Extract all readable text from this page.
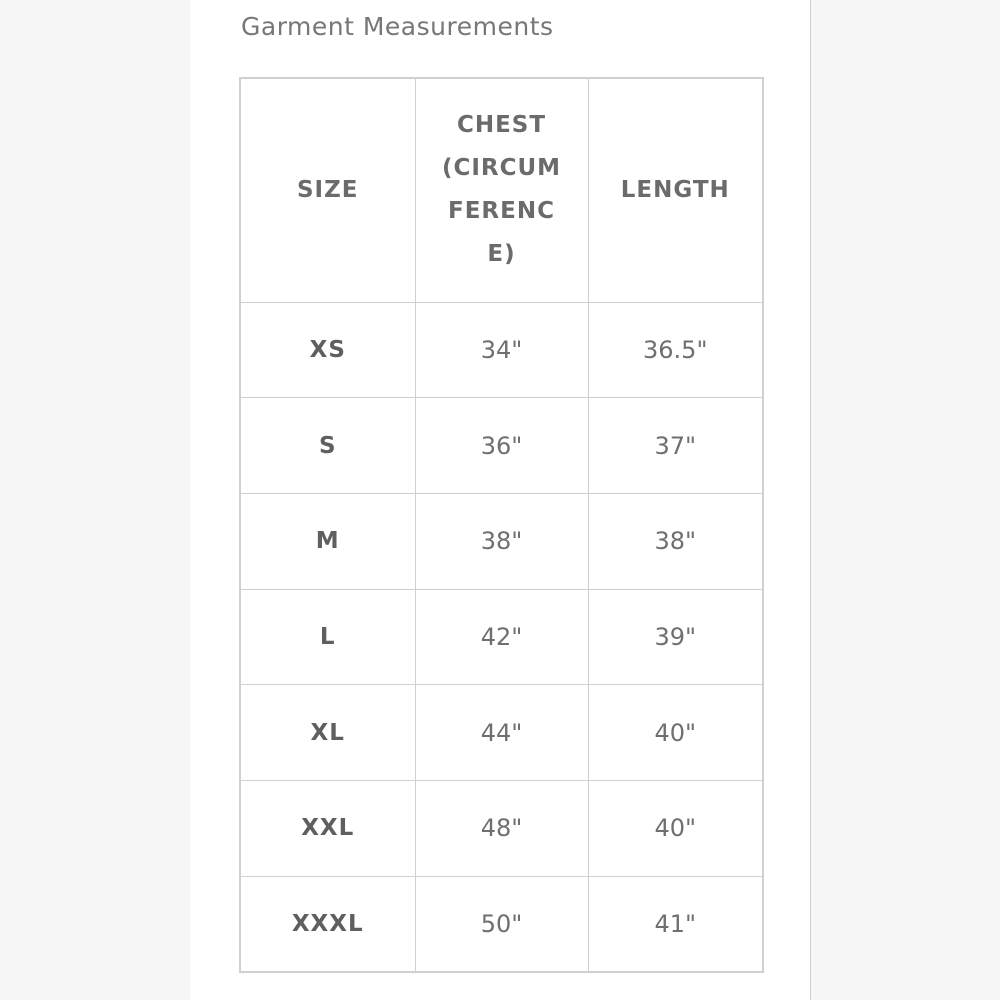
Garment Measurements
SIZE	CHEST (CIRCUMFERENCE)	LENGTH
XS	34"	36.5"
S	36"	37"
M	38"	38"
L	42"	39"
XL	44"	40"
XXL	48"	40"
XXXL	50"	41"
